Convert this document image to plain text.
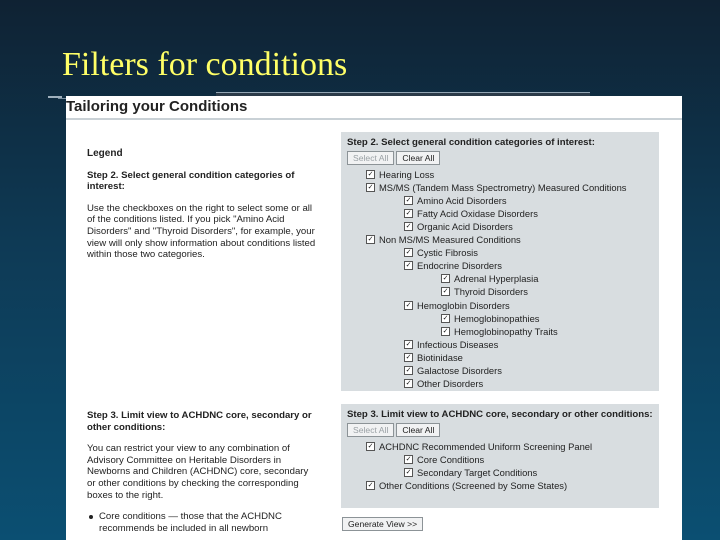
Filters for conditions
Tailoring your Conditions
Legend
Step 2. Select general condition categories of interest:
Use the checkboxes on the right to select some or all of the conditions listed. If you pick "Amino Acid Disorders" and "Thyroid Disorders", for example, your view will only show information about conditions listed within those two categories.
Step 3. Limit view to ACHDNC core, secondary or other conditions:
You can restrict your view to any combination of Advisory Committee on Heritable Disorders in Newborns and Children (ACHDNC) core, secondary or other conditions by checking the corresponding boxes to the right.
Core conditions — those that the ACHDNC recommends be included in all newborn
Step 2. Select general condition categories of interest:
Select All	Clear All
✓ Hearing Loss
✓ MS/MS (Tandem Mass Spectrometry) Measured Conditions
✓ Amino Acid Disorders
✓ Fatty Acid Oxidase Disorders
✓ Organic Acid Disorders
✓ Non MS/MS Measured Conditions
✓ Cystic Fibrosis
✓ Endocrine Disorders
✓ Adrenal Hyperplasia
✓ Thyroid Disorders
✓ Hemoglobin Disorders
✓ Hemoglobinopathies
✓ Hemoglobinopathy Traits
✓ Infectious Diseases
✓ Biotinidase
✓ Galactose Disorders
✓ Other Disorders
Step 3. Limit view to ACHDNC core, secondary or other conditions:
Select All	Clear All
✓ ACHDNC Recommended Uniform Screening Panel
✓ Core Conditions
✓ Secondary Target Conditions
✓ Other Conditions (Screened by Some States)
Generate View >>
